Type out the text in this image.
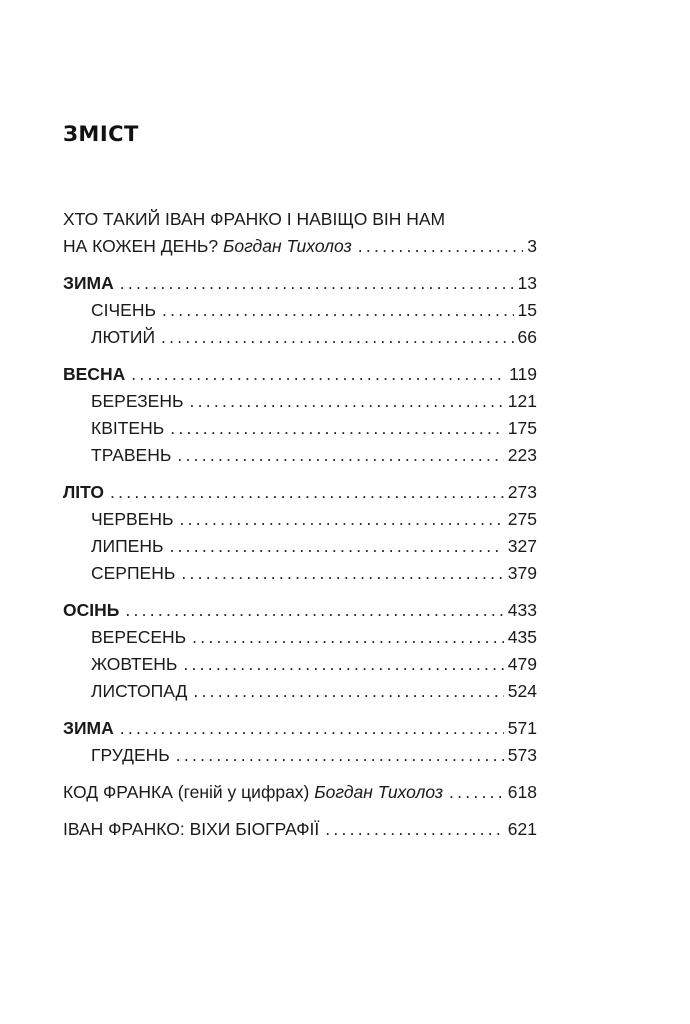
ЗМІСТ
ХТО ТАКИЙ ІВАН ФРАНКО І НАВІЩО ВІН НАМ
НА КОЖЕН ДЕНЬ? Богдан Тихолоз . . .	3
ЗИМА . . .	13
СІЧЕНЬ . . .	15
ЛЮТИЙ . . .	66
ВЕСНА . . .	119
БЕРЕЗЕНЬ . . .	121
КВІТЕНЬ . . .	175
ТРАВЕНЬ . . .	223
ЛІТО . . .	273
ЧЕРВЕНЬ . . .	275
ЛИПЕНЬ . . .	327
СЕРПЕНЬ . . .	379
ОСІНЬ . . .	433
ВЕРЕСЕНЬ . . .	435
ЖОВТЕНЬ . . .	479
ЛИСТОПАД . . .	524
ЗИМА . . .	571
ГРУДЕНЬ . . .	573
КОД ФРАНКА (геній у цифрах) Богдан Тихолоз . . .	618
ІВАН ФРАНКО: ВІХИ БІОГРАФІЇ . . .	621
